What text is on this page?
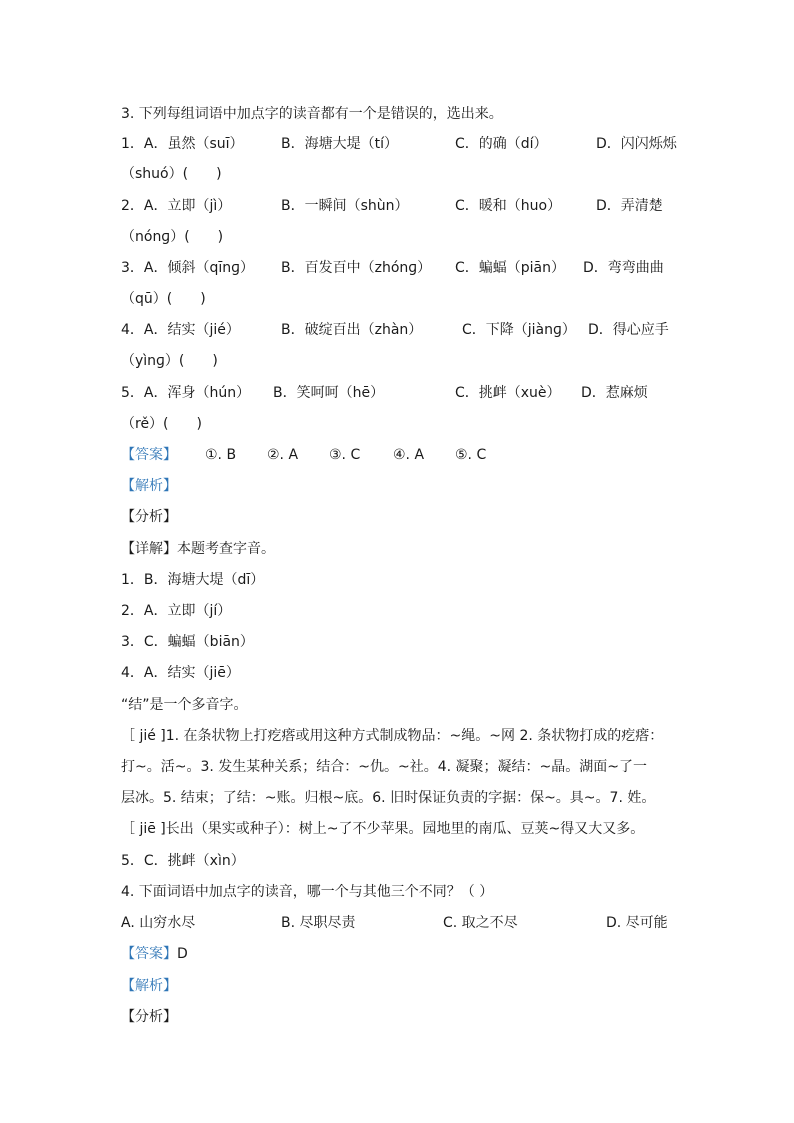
3. 下列每组词语中加点字的读音都有一个是错误的，选出来。
1．A．虽然（suī）	B．海塘大堤（tí）	C．的确（dí）	D．闪闪烁烁
（shuó）(　　)
2．A．立即（jì）	B．一瞬间（shùn）	C．暖和（huo） D．弄清楚
（nónɡ）(　　)
3．A．倾斜（qīnɡ） B．百发百中（zhónɡ） C．蝙蝠（piān） D．弯弯曲曲
（qū）(　　)
4．A．结实（jié）	B．破绽百出（zhàn）	C．下降（jiànɡ） D．得心应手
（yìnɡ）(　　)
5．A．浑身（hún） B．笑呵呵（hē）	C．挑衅（xuè） D．惹麻烦
（rě）(　　)
【答案】 ①. B ②. A ③. C ④. A ⑤. C
【解析】
【分析】
【详解】本题考查字音。
1．B．海塘大堤（dī）
2．A．立即（jí）
3．C．蝙蝠（biān）
4．A．结实（jiē）
“结”是一个多音字。
［ jié ]1. 在条状物上打疙瘩或用这种方式制成物品：~绳。~网 2. 条状物打成的疙瘩：
打~。活~。3. 发生某种关系；结合：~仇。~社。4. 凝聚；凝结：~晶。湖面~了一
层冰。5. 结束；了结：~账。归根~底。6. 旧时保证负责的字据：保~。具~。7. 姓。
［ jiē ]长出（果实或种子）：树上~了不少苹果。园地里的南瓜、豆荚~得又大又多。
5．C．挑衅（xìn）
4. 下面词语中加点字的读音，哪一个与其他三个不同？（ ）
A. 山穷水尽	B. 尽职尽责	C. 取之不尽	D. 尽可能
【答案】D
【解析】
【分析】
